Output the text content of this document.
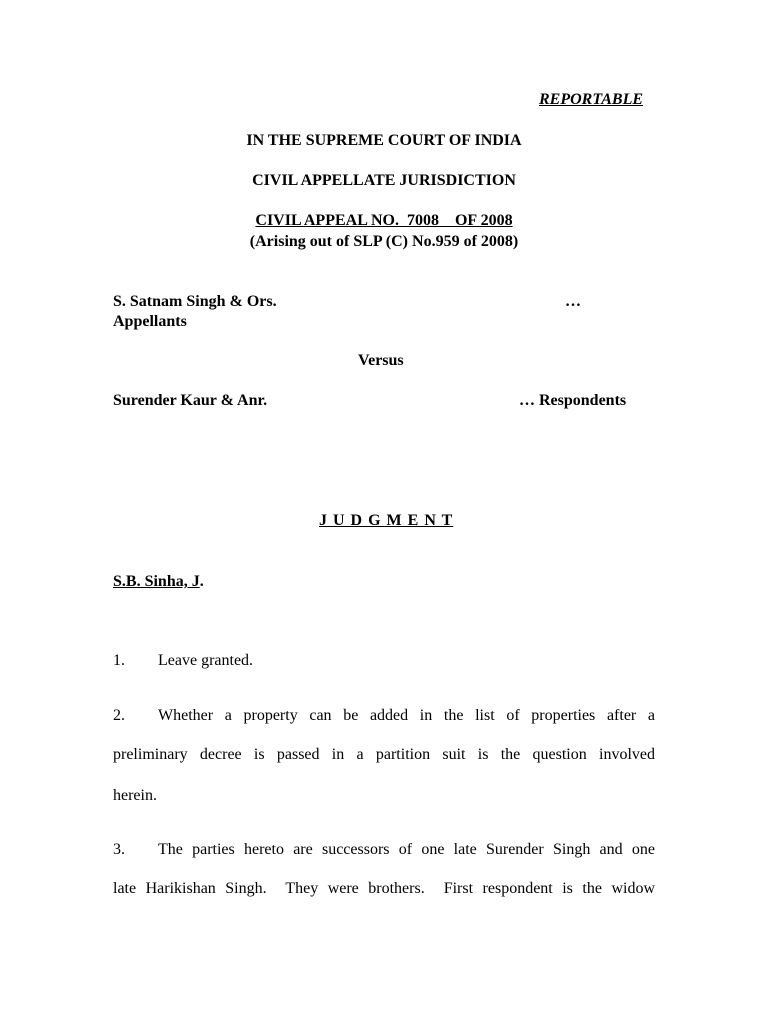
REPORTABLE
IN THE SUPREME COURT OF INDIA
CIVIL APPELLATE JURISDICTION
CIVIL APPEAL NO.  7008    OF 2008
(Arising out of SLP (C) No.959 of 2008)
S. Satnam Singh & Ors.	…
Appellants
Versus
Surender Kaur & Anr.	… Respondents
J U D G M E N T
S.B. Sinha, J.
1. Leave granted.
2. Whether a property can be added in the list of properties after a
preliminary decree is passed in a partition suit is the question involved
herein.
3. The parties hereto are successors of one late Surender Singh and one
late Harikishan Singh.  They were brothers.  First respondent is the widow
